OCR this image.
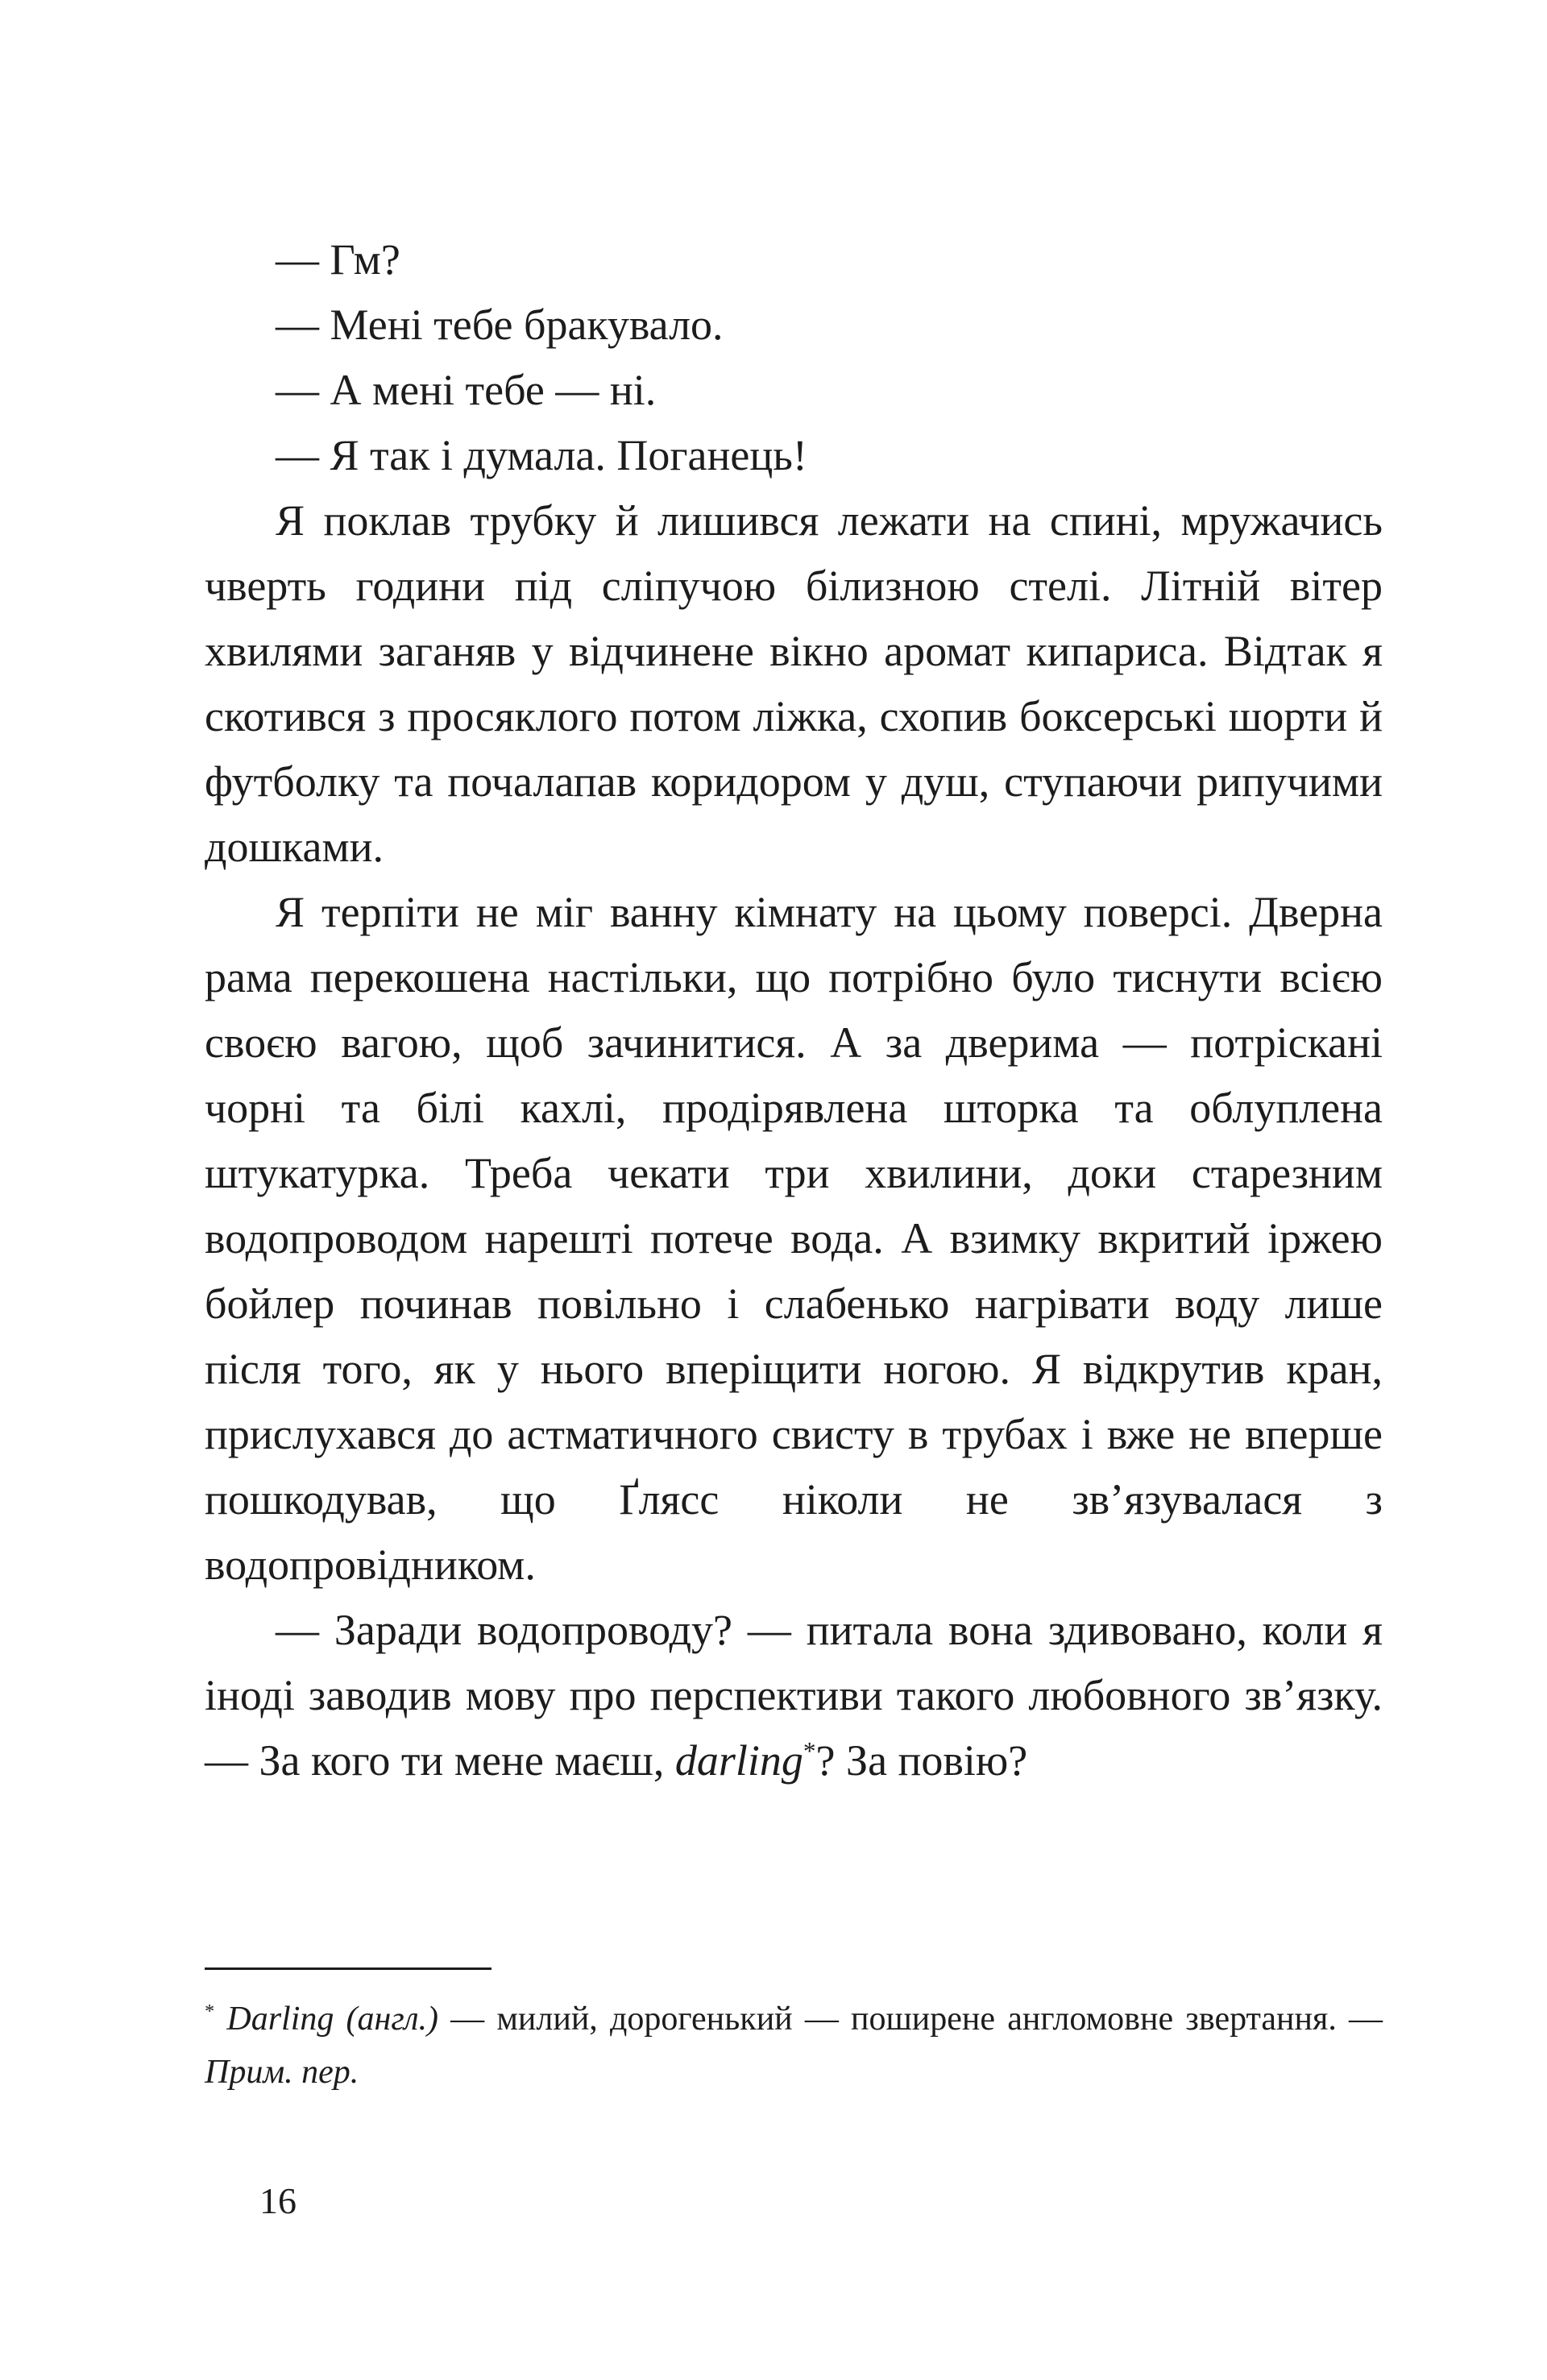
— Гм?

— Мені тебе бракувало.

— А мені тебе — ні.

— Я так і думала. Поганець!

Я поклав трубку й лишився лежати на спині, мружачись чверть години під сліпучою білизною стелі. Літній вітер хвилями заганяв у відчинене вікно аромат кипариса. Відтак я скотився з просяклого потом ліжка, схопив боксерські шорти й футболку та почалапав коридором у душ, ступаючи рипучими дошками.

Я терпіти не міг ванну кімнату на цьому поверсі. Дверна рама перекошена настільки, що потрібно було тиснути всією своєю вагою, щоб зачинитися. А за дверима — потріскані чорні та білі кахлі, продірявлена шторка та облуплена штукатурка. Треба чекати три хвилини, доки старезним водопроводом нарешті потече вода. А взимку вкритий іржею бойлер починав повільно і слабенько нагрівати воду лише після того, як у нього вперіщити ногою. Я відкрутив кран, прислухався до астматичного свисту в трубах і вже не вперше пошкодував, що Ґлясс ніколи не зв’язувалася з водопровідником.

— Заради водопроводу? — питала вона здивовано, коли я іноді заводив мову про перспективи такого любовного зв’язку. — За кого ти мене маєш, darling*? За повію?

* Darling (англ.) — милий, дорогенький — поширене англомовне звертання. — Прим. пер.

16
